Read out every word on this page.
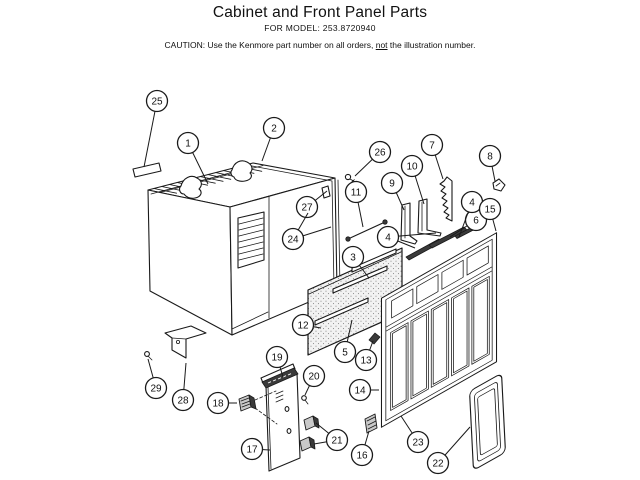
Cabinet and Front Panel Parts
FOR MODEL: 253.8720940
CAUTION: Use the Kenmore part number on all orders, not the illustration number.
25
1
2
26
7
8
10
9
11
27
24	4
6
4
15
3
12
5
13
14
19
20
18
17
21
16
23
22
29
28
